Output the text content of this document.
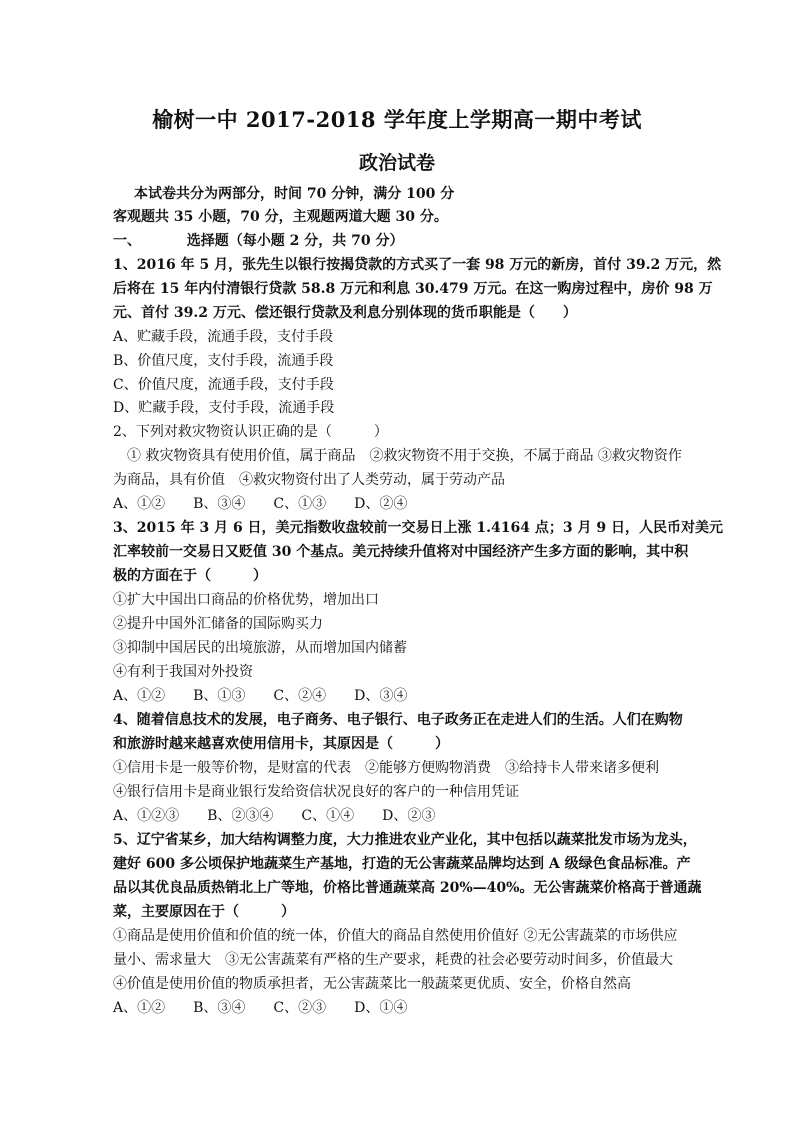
榆树一中 2017-2018 学年度上学期高一期中考试
政治试卷
本试卷共分为两部分，时间 70 分钟，满分 100 分
客观题共 35 小题，70 分，主观题两道大题 30 分。
一、	选择题（每小题 2 分，共 70 分）
1、2016 年 5 月，张先生以银行按揭贷款的方式买了一套 98 万元的新房，首付 39.2 万元，然
后将在 15 年内付清银行贷款 58.8 万元和利息 30.479 万元。在这一购房过程中，房价 98 万
元、首付 39.2 万元、偿还银行贷款及利息分别体现的货币职能是（　　）
A、贮藏手段，流通手段，支付手段
B、价值尺度，支付手段，流通手段
C、价值尺度，流通手段，支付手段
D、贮藏手段，支付手段，流通手段
2、下列对救灾物资认识正确的是（　　　）
　① 救灾物资具有使用价值，属于商品　②救灾物资不用于交换，不属于商品 ③救灾物资作
为商品，具有价值　④救灾物资付出了人类劳动，属于劳动产品
A、①②　　B、③④　　C、①③　　D、②④
3、2015 年 3 月 6 日，美元指数收盘较前一交易日上涨 1.4164 点；3 月 9 日，人民币对美元
汇率较前一交易日又贬值 30 个基点。美元持续升值将对中国经济产生多方面的影响，其中积
极的方面在于（　　　）
①扩大中国出口商品的价格优势，增加出口
②提升中国外汇储备的国际购买力
③抑制中国居民的出境旅游，从而增加国内储蓄
④有利于我国对外投资
A、①②　　B、①③　　C、②④　　D、③④
4、随着信息技术的发展，电子商务、电子银行、电子政务正在走进人们的生活。人们在购物
和旅游时越来越喜欢使用信用卡，其原因是（　　　）
①信用卡是一般等价物，是财富的代表　②能够方便购物消费　③给持卡人带来诸多便利
④银行信用卡是商业银行发给资信状况良好的客户的一种信用凭证
A、①②③　　B、②③④　　C、①④　　D、②③
5、辽宁省某乡，加大结构调整力度，大力推进农业产业化，其中包括以蔬菜批发市场为龙头，
建好 600 多公顷保护地蔬菜生产基地，打造的无公害蔬菜品牌均达到 A 级绿色食品标准。产
品以其优良品质热销北上广等地，价格比普通蔬菜高 20%—40%。无公害蔬菜价格高于普通蔬
菜，主要原因在于（　　　）
①商品是使用价值和价值的统一体，价值大的商品自然使用价值好 ②无公害蔬菜的市场供应
量小、需求量大　③无公害蔬菜有严格的生产要求，耗费的社会必要劳动时间多，价值最大
④价值是使用价值的物质承担者，无公害蔬菜比一般蔬菜更优质、安全，价格自然高
A、①②　　B、③④　　C、②③　　D、①④
